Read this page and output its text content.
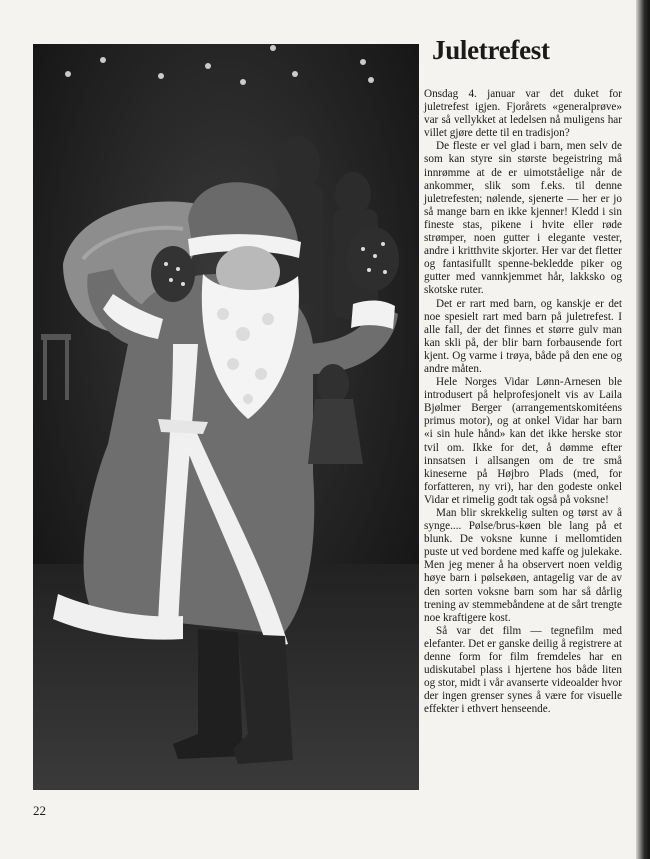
Juletrefest

Onsdag 4. januar var det duket for juletrefest igjen. Fjorårets «generalprøve» var så vellykket at ledelsen nå muligens har villet gjøre dette til en tradisjon?

De fleste er vel glad i barn, men selv de som kan styre sin største begeistring må innrømme at de er uimotståelige når de ankommer, slik som f.eks. til denne juletrefesten; nølende, sjenerte — her er jo så mange barn en ikke kjenner! Kledd i sin fineste stas, pikene i hvite eller røde strømper, noen gutter i elegante vester, andre i kritthvite skjorter. Her var det fletter og fantasifullt spenne-bekledde piker og gutter med vannkjemmet hår, lakksko og skotske ruter.

Det er rart med barn, og kanskje er det noe spesielt rart med barn på juletrefest. I alle fall, der det finnes et større gulv man kan skli på, der blir barn forbausende fort kjent. Og varme i trøya, både på den ene og andre måten.

Hele Norges Vidar Lønn-Arnesen ble introdusert på helprofesjonelt vis av Laila Bjølmer Berger (arrangementskomitéens primus motor), og at onkel Vidar har barn «i sin hule hånd» kan det ikke herske stor tvil om. Ikke for det, å dømme efter innsatsen i allsangen om de tre små kineserne på Højbro Plads (med, for forfatteren, ny vri), har den godeste onkel Vidar et rimelig godt tak også på voksne!

Man blir skrekkelig sulten og tørst av å synge.... Pølse/brus-køen ble lang på et blunk. De voksne kunne i mellomtiden puste ut ved bordene med kaffe og julekake. Men jeg mener å ha observert noen veldig høye barn i pølsekøen, antagelig var de av den sorten voksne barn som har så dårlig trening av stemmebåndene at de sårt trengte noe kraftigere kost.

Så var det film — tegnefilm med elefanter. Det er ganske deilig å registrere at denne form for film fremdeles har en udiskutabel plass i hjertene hos både liten og stor, midt i vår avanserte videoalder hvor der ingen grenser synes å være for visuelle effekter i ethvert henseende.

22
